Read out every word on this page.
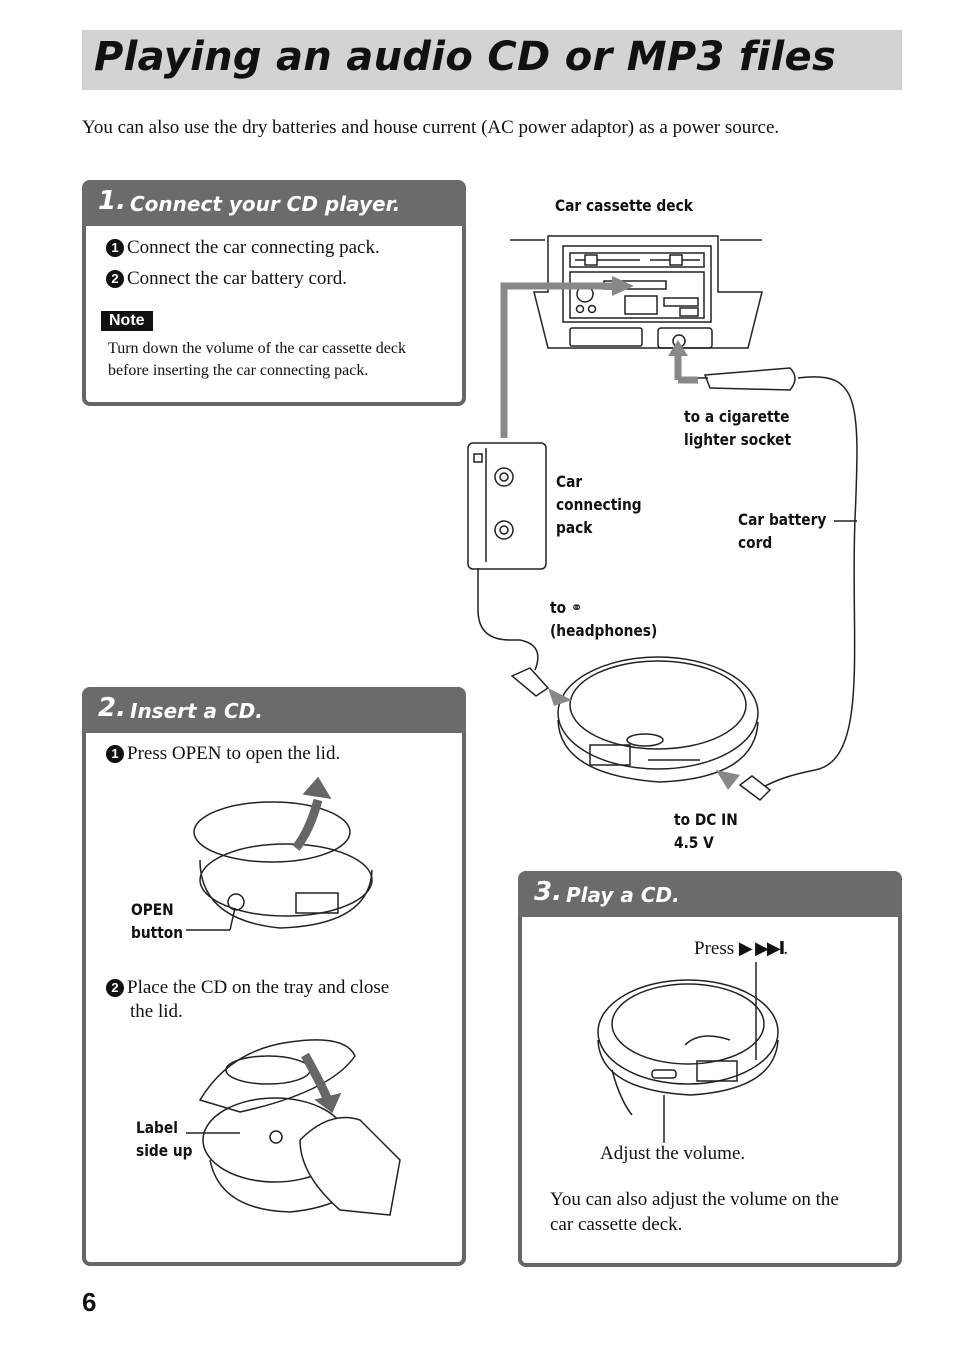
Playing an audio CD or MP3 files
You can also use the dry batteries and house current (AC power adaptor) as a power source.
1. Connect your CD player.
1 Connect the car connecting pack.
2 Connect the car battery cord.
Note
Turn down the volume of the car cassette deck
before inserting the car connecting pack.
2. Insert a CD.
1 Press OPEN to open the lid.
2 Place the CD on the tray and close
the lid.
3. Play a CD.
Press ▶ ▶▶I.
Adjust the volume.
You can also adjust the volume on the
car cassette deck.
Car cassette deck
to a cigarette
lighter socket
Car
connecting
pack	Car battery
cord
to ⚭
(headphones)
to DC IN
4.5 V
OPEN
button
Label
side up
6
